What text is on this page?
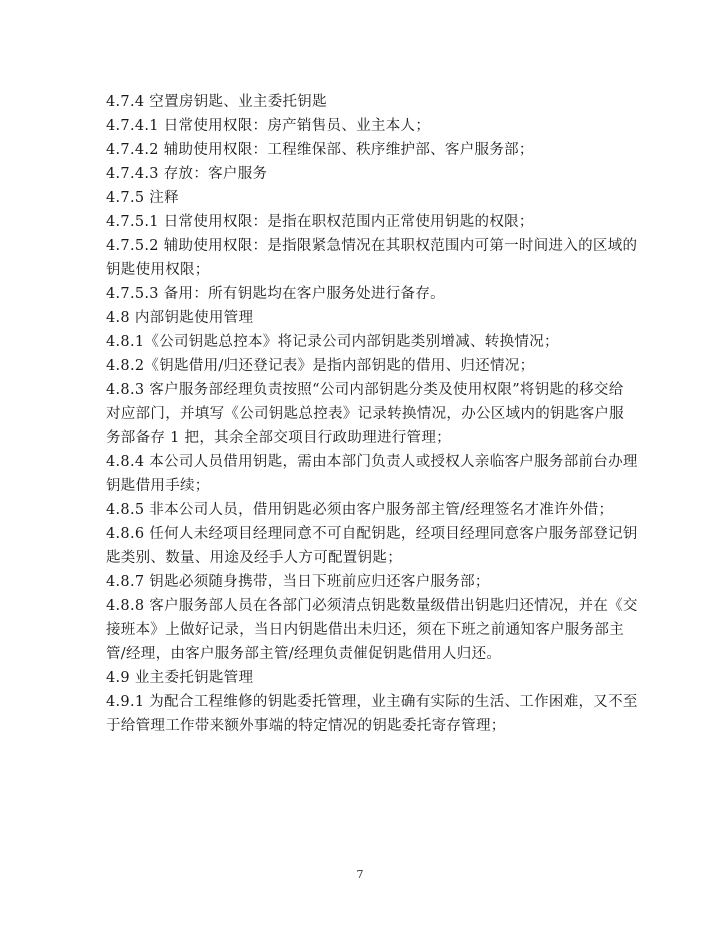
4.7.4 空置房钥匙、业主委托钥匙
4.7.4.1 日常使用权限：房产销售员、业主本人；
4.7.4.2 辅助使用权限：工程维保部、秩序维护部、客户服务部；
4.7.4.3 存放：客户服务
4.7.5 注释
4.7.5.1 日常使用权限：是指在职权范围内正常使用钥匙的权限；
4.7.5.2 辅助使用权限：是指限紧急情况在其职权范围内可第一时间进入的区域的
钥匙使用权限；
4.7.5.3 备用：所有钥匙均在客户服务处进行备存。
4.8 内部钥匙使用管理
4.8.1《公司钥匙总控本》将记录公司内部钥匙类别增减、转换情况；
4.8.2《钥匙借用/归还登记表》是指内部钥匙的借用、归还情况；
4.8.3 客户服务部经理负责按照“公司内部钥匙分类及使用权限”将钥匙的移交给
对应部门，并填写《公司钥匙总控表》记录转换情况，办公区域内的钥匙客户服
务部备存 1 把，其余全部交项目行政助理进行管理；
4.8.4 本公司人员借用钥匙，需由本部门负责人或授权人亲临客户服务部前台办理
钥匙借用手续；
4.8.5 非本公司人员，借用钥匙必须由客户服务部主管/经理签名才准许外借；
4.8.6 任何人未经项目经理同意不可自配钥匙，经项目经理同意客户服务部登记钥
匙类别、数量、用途及经手人方可配置钥匙；
4.8.7 钥匙必须随身携带，当日下班前应归还客户服务部；
4.8.8 客户服务部人员在各部门必须清点钥匙数量级借出钥匙归还情况，并在《交
接班本》上做好记录，当日内钥匙借出未归还，须在下班之前通知客户服务部主
管/经理，由客户服务部主管/经理负责催促钥匙借用人归还。
4.9 业主委托钥匙管理
4.9.1 为配合工程维修的钥匙委托管理，业主确有实际的生活、工作困难，又不至
于给管理工作带来额外事端的特定情况的钥匙委托寄存管理；
7
